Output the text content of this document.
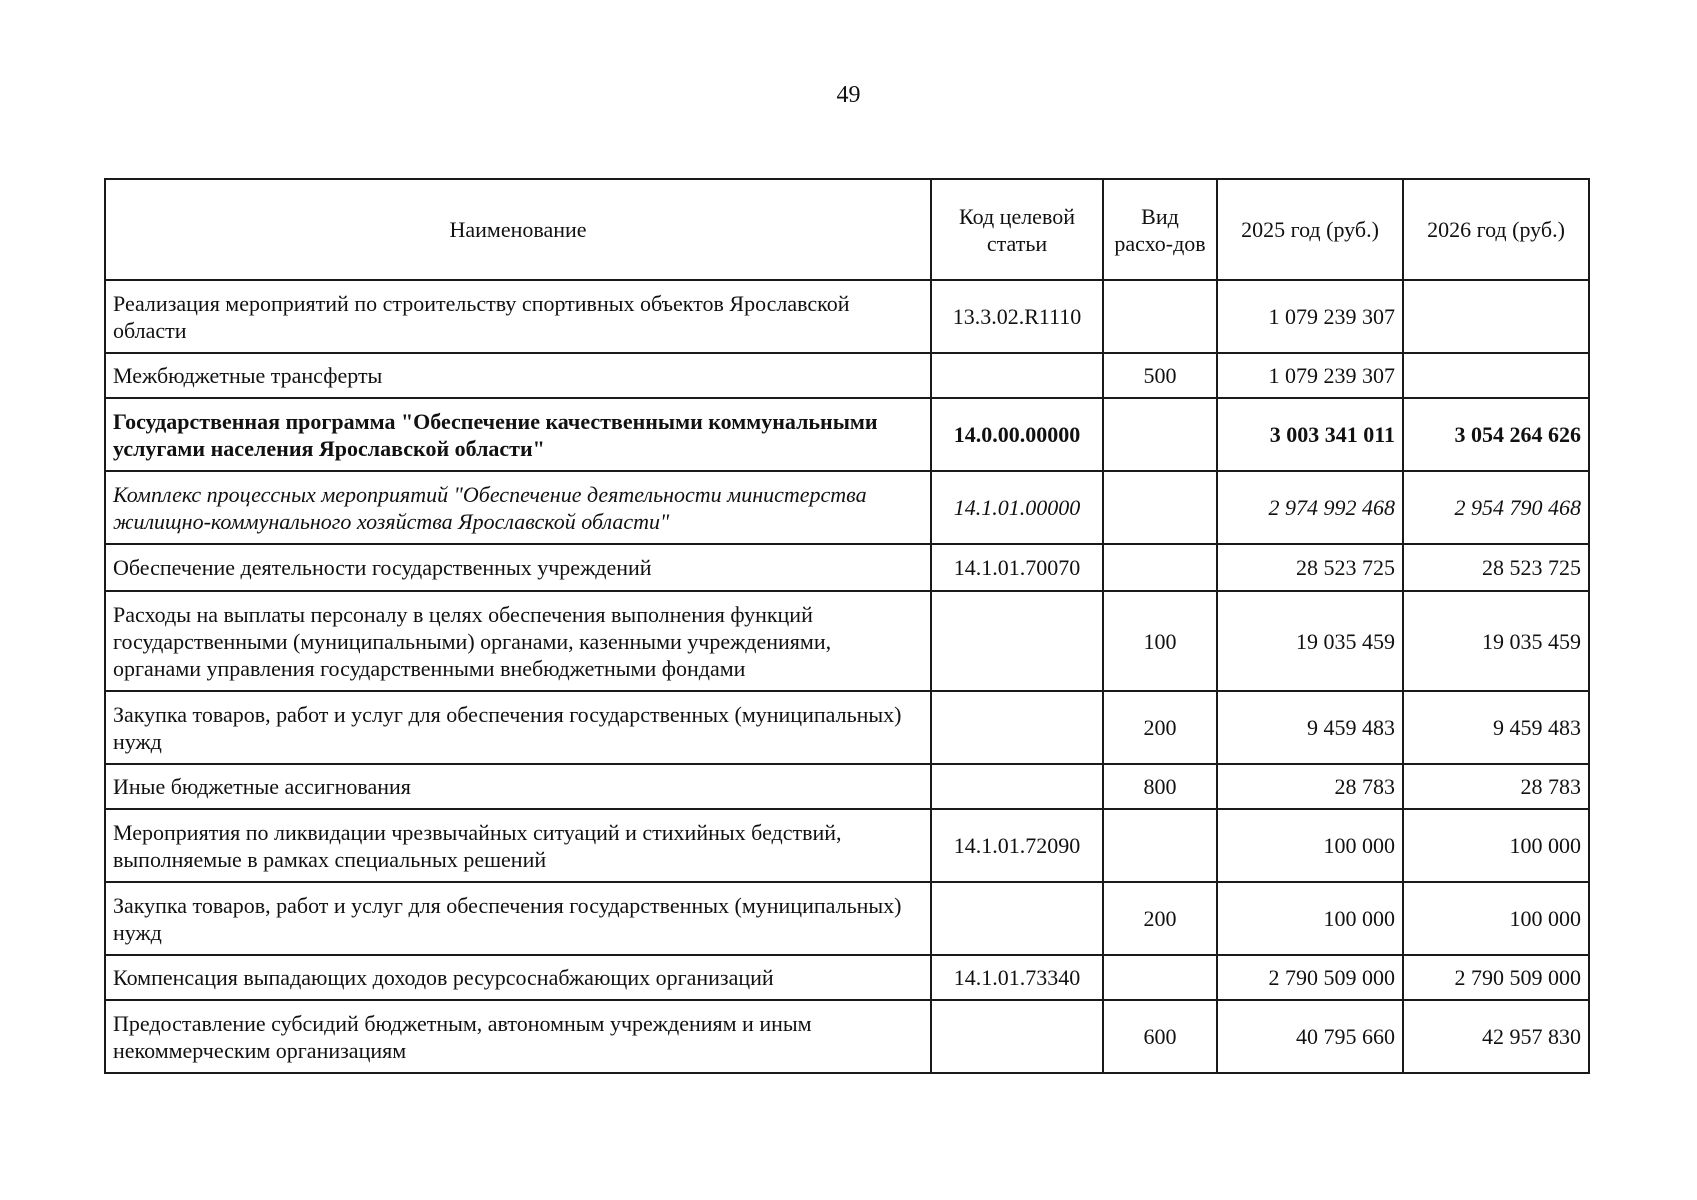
49
Наименование	Код целевой статьи	Вид расхо-дов	2025 год (руб.)	2026 год (руб.)
Реализация мероприятий по строительству спортивных объектов Ярославской области	13.3.02.R1110		1 079 239 307	
Межбюджетные трансферты		500	1 079 239 307	
Государственная программа "Обеспечение качественными коммунальными услугами населения Ярославской области"	14.0.00.00000		3 003 341 011	3 054 264 626
Комплекс процессных мероприятий "Обеспечение деятельности министерства жилищно-коммунального хозяйства Ярославской области"	14.1.01.00000		2 974 992 468	2 954 790 468
Обеспечение деятельности государственных учреждений	14.1.01.70070		28 523 725	28 523 725
Расходы на выплаты персоналу в целях обеспечения выполнения функций государственными (муниципальными) органами, казенными учреждениями, органами управления государственными внебюджетными фондами		100	19 035 459	19 035 459
Закупка товаров, работ и услуг для обеспечения государственных (муниципальных) нужд		200	9 459 483	9 459 483
Иные бюджетные ассигнования		800	28 783	28 783
Мероприятия по ликвидации чрезвычайных ситуаций и стихийных бедствий, выполняемые в рамках специальных решений	14.1.01.72090		100 000	100 000
Закупка товаров, работ и услуг для обеспечения государственных (муниципальных) нужд		200	100 000	100 000
Компенсация выпадающих доходов ресурсоснабжающих организаций	14.1.01.73340		2 790 509 000	2 790 509 000
Предоставление субсидий бюджетным, автономным учреждениям и иным некоммерческим организациям		600	40 795 660	42 957 830
